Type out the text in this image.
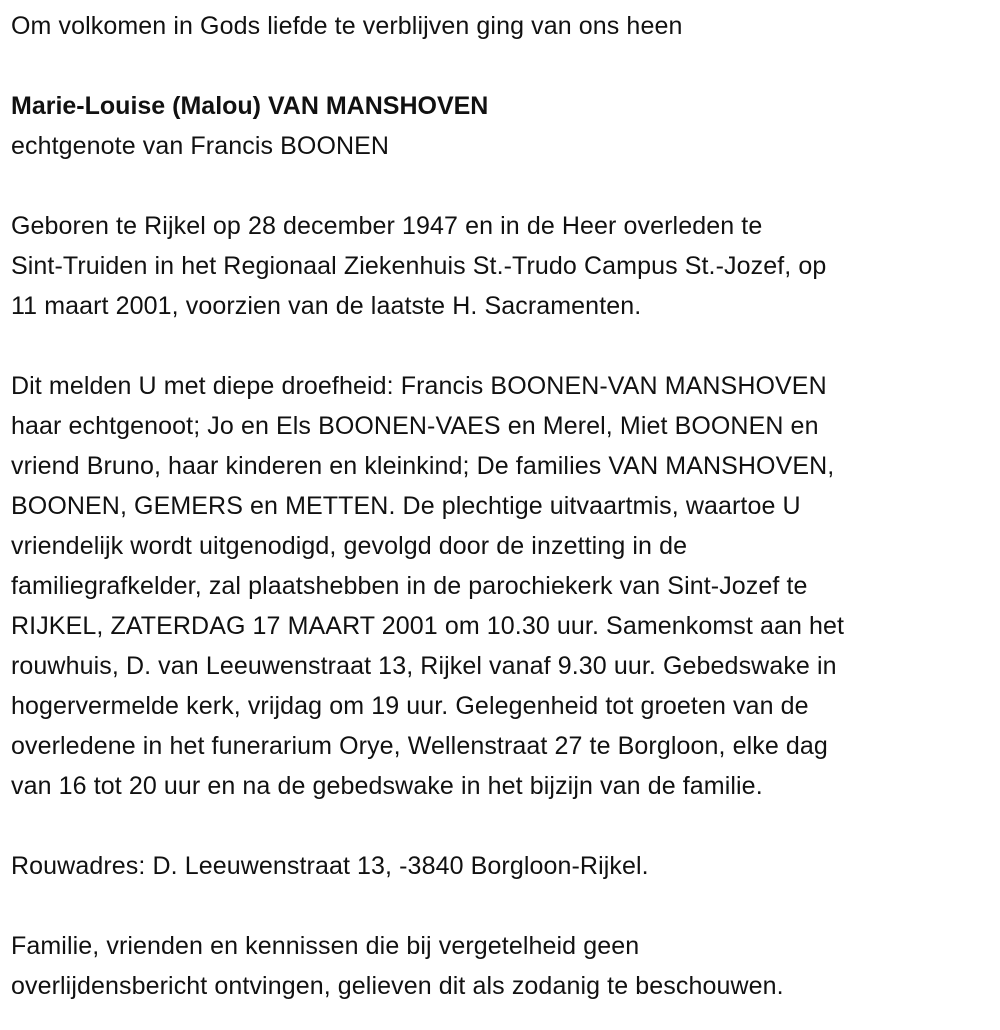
Om volkomen in Gods liefde te verblijven ging van ons heen
Marie-Louise (Malou) VAN MANSHOVEN
echtgenote van Francis BOONEN
Geboren te Rijkel op 28 december 1947 en in de Heer overleden te
Sint-Truiden in het Regionaal Ziekenhuis St.-Trudo Campus St.-Jozef, op
11 maart 2001, voorzien van de laatste H. Sacramenten.
Dit melden U met diepe droefheid: Francis BOONEN-VAN MANSHOVEN
haar echtgenoot; Jo en Els BOONEN-VAES en Merel, Miet BOONEN en
vriend Bruno, haar kinderen en kleinkind; De families VAN MANSHOVEN,
BOONEN, GEMERS en METTEN. De plechtige uitvaartmis, waartoe U
vriendelijk wordt uitgenodigd, gevolgd door de inzetting in de
familiegrafkelder, zal plaatshebben in de parochiekerk van Sint-Jozef te
RIJKEL, ZATERDAG 17 MAART 2001 om 10.30 uur. Samenkomst aan het
rouwhuis, D. van Leeuwenstraat 13, Rijkel vanaf 9.30 uur. Gebedswake in
hogervermelde kerk, vrijdag om 19 uur. Gelegenheid tot groeten van de
overledene in het funerarium Orye, Wellenstraat 27 te Borgloon, elke dag
van 16 tot 20 uur en na de gebedswake in het bijzijn van de familie.
Rouwadres: D. Leeuwenstraat 13, -3840 Borgloon-Rijkel.
Familie, vrienden en kennissen die bij vergetelheid geen
overlijdensbericht ontvingen, gelieven dit als zodanig te beschouwen.
